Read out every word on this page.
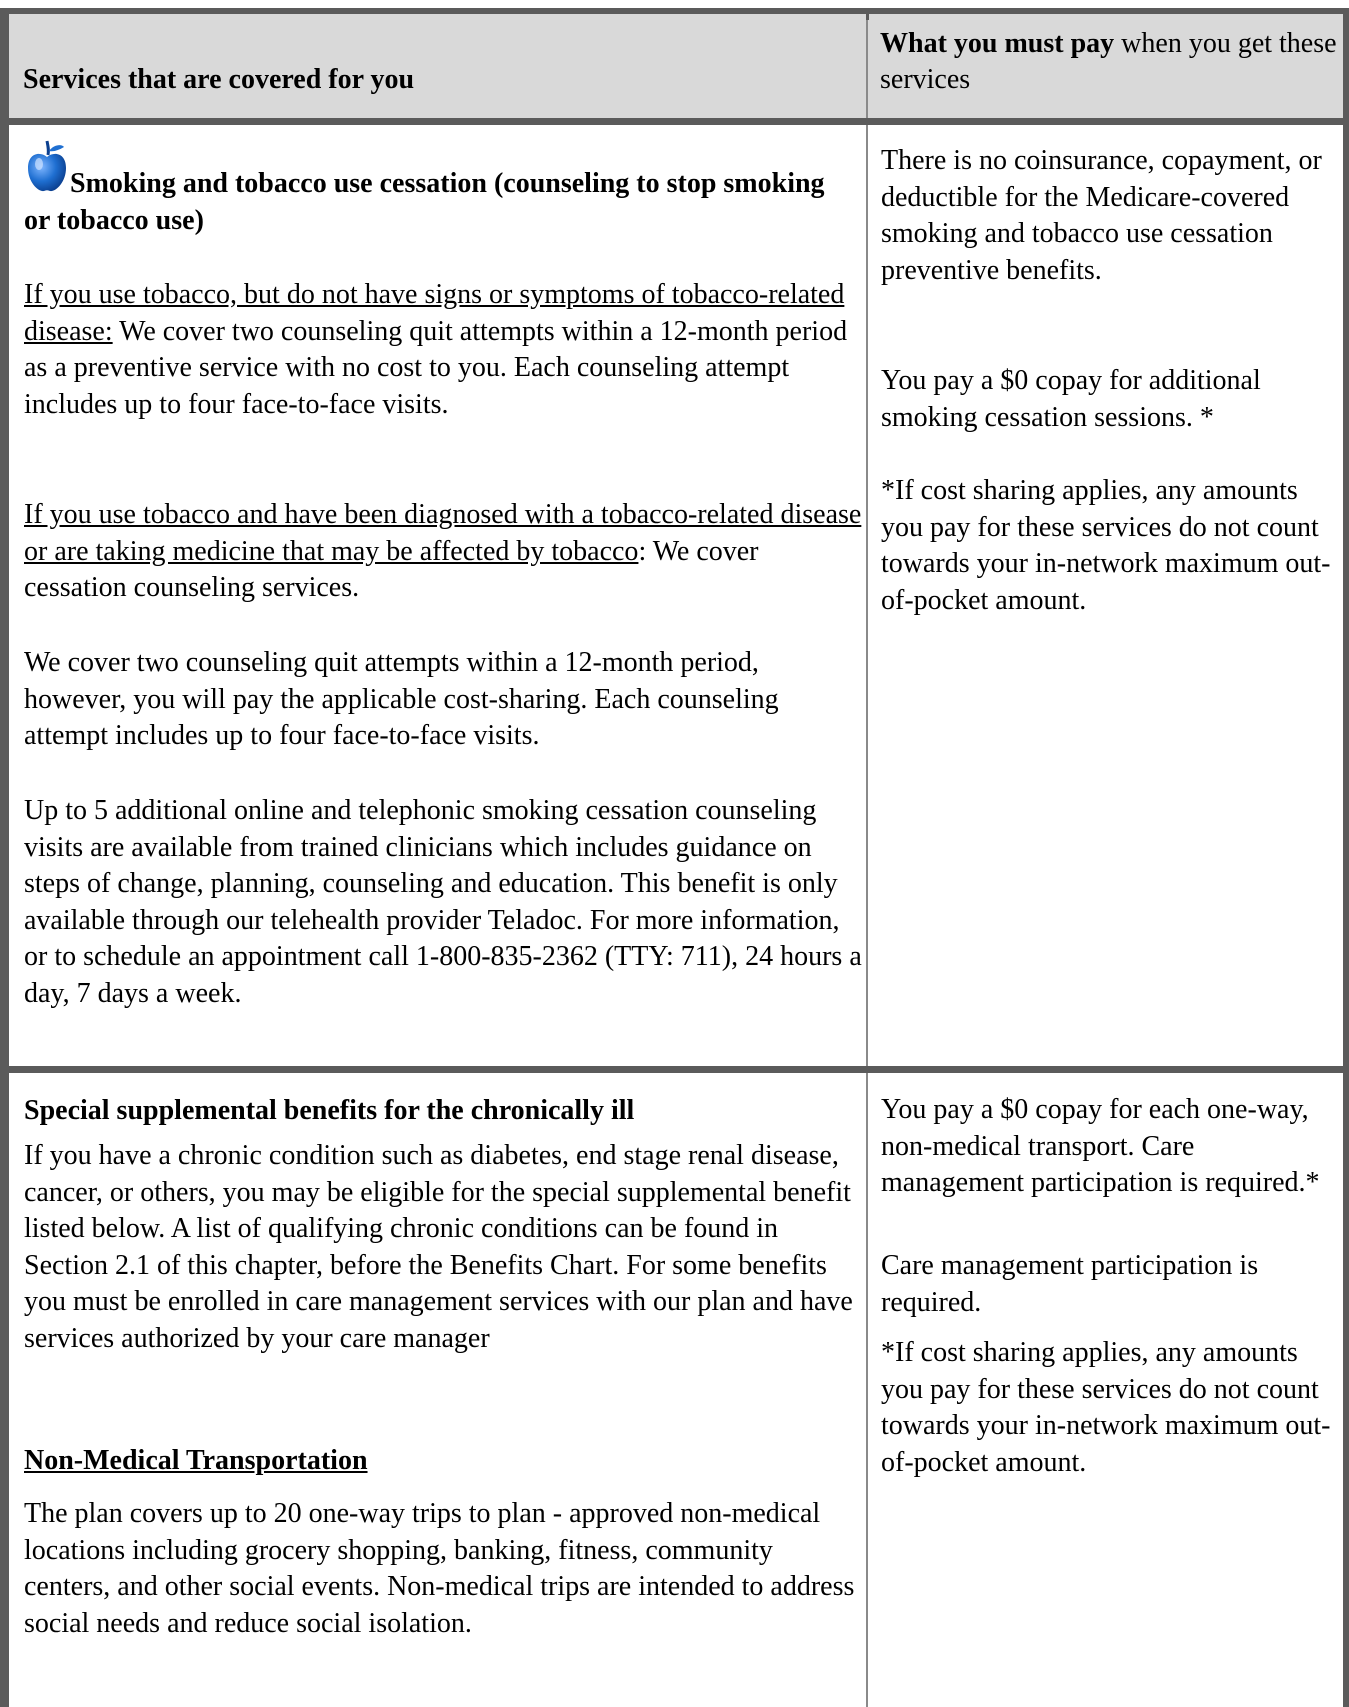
Services that are covered for you
What you must pay when you get these services

Smoking and tobacco use cessation (counseling to stop smoking or tobacco use)

If you use tobacco, but do not have signs or symptoms of tobacco-related disease: We cover two counseling quit attempts within a 12-month period as a preventive service with no cost to you. Each counseling attempt includes up to four face-to-face visits.

If you use tobacco and have been diagnosed with a tobacco-related disease or are taking medicine that may be affected by tobacco: We cover cessation counseling services.

We cover two counseling quit attempts within a 12-month period, however, you will pay the applicable cost-sharing. Each counseling attempt includes up to four face-to-face visits.

Up to 5 additional online and telephonic smoking cessation counseling visits are available from trained clinicians which includes guidance on steps of change, planning, counseling and education. This benefit is only available through our telehealth provider Teladoc. For more information, or to schedule an appointment call 1-800-835-2362 (TTY: 711), 24 hours a day, 7 days a week.

There is no coinsurance, copayment, or deductible for the Medicare-covered smoking and tobacco use cessation preventive benefits.

You pay a $0 copay for additional smoking cessation sessions. *

*If cost sharing applies, any amounts you pay for these services do not count towards your in-network maximum out-of-pocket amount.

Special supplemental benefits for the chronically ill

If you have a chronic condition such as diabetes, end stage renal disease, cancer, or others, you may be eligible for the special supplemental benefit listed below. A list of qualifying chronic conditions can be found in Section 2.1 of this chapter, before the Benefits Chart. For some benefits you must be enrolled in care management services with our plan and have services authorized by your care manager

Non-Medical Transportation

The plan covers up to 20 one-way trips to plan - approved non-medical locations including grocery shopping, banking, fitness, community centers, and other social events. Non-medical trips are intended to address social needs and reduce social isolation.

You pay a $0 copay for each one-way, non-medical transport. Care management participation is required.*

Care management participation is required.

*If cost sharing applies, any amounts you pay for these services do not count towards your in-network maximum out-of-pocket amount.
